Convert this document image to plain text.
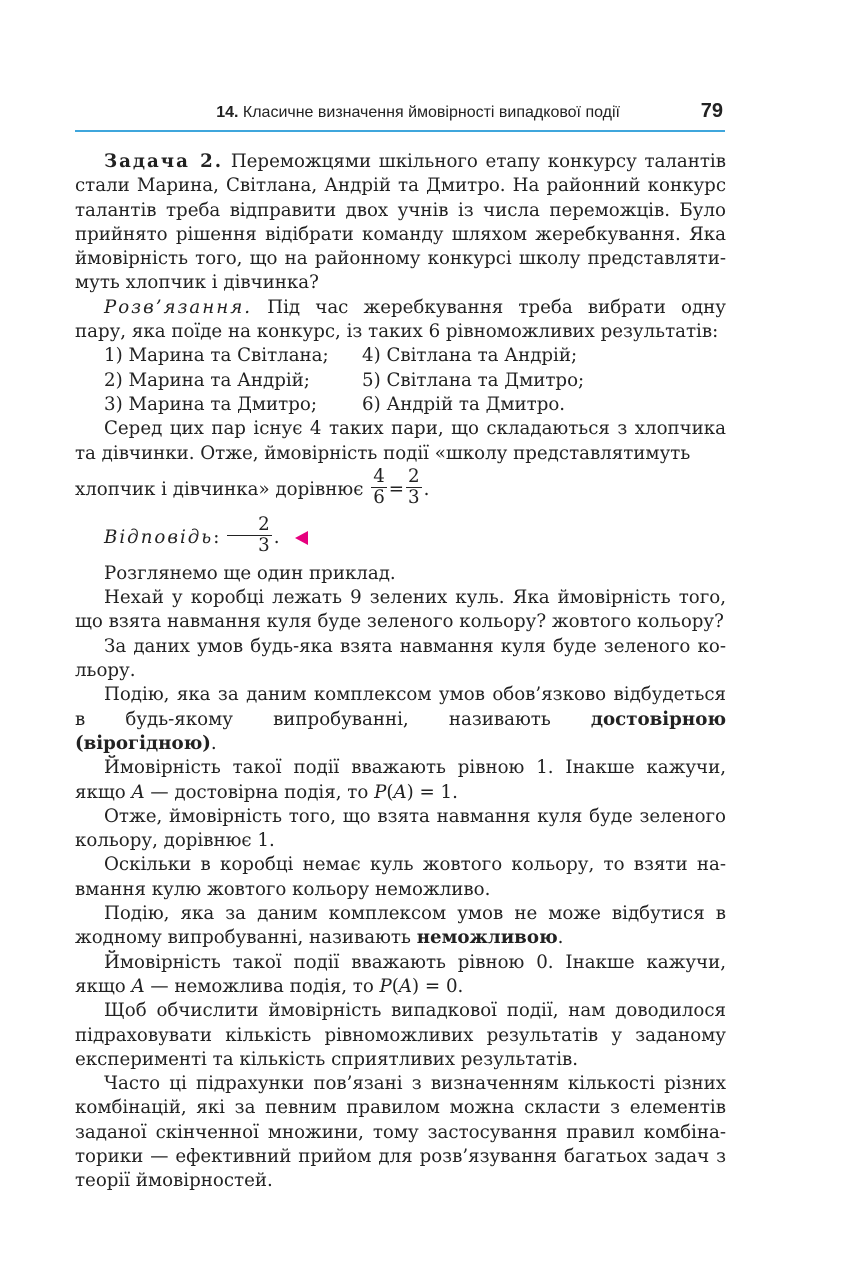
14. Класичне визначення ймовірності випадкової події	79

Задача 2. Переможцями шкільного етапу конкурсу талантів стали Марина, Світлана, Андрій та Дмитро. На районний конкурс талантів треба відправити двох учнів із числа переможців. Було прийнято рішення відібрати команду шляхом жеребкування. Яка ймовірність того, що на районному конкурсі школу представлятимуть хлопчик і дівчинка?

Розв’язання. Під час жеребкування треба вибрати одну пару, яка поїде на конкурс, із таких 6 рівноможливих результатів:

1) Марина та Світлана;	4) Світлана та Андрій;
2) Марина та Андрій;	5) Світлана та Дмитро;
3) Марина та Дмитро;	6) Андрій та Дмитро.

Серед цих пар існує 4 таких пари, що складаються з хлопчика та дівчинки. Отже, ймовірність події «школу представлятимуть

хлопчик і дівчинка» дорівнює $\frac{4}{6} = \frac{2}{3}$ .

Відповідь: $\frac{2}{3}$ .

Розглянемо ще один приклад.

Нехай у коробці лежать 9 зелених куль. Яка ймовірність того, що взята навмання куля буде зеленого кольору? жовтого кольору?

За даних умов будь-яка взята навмання куля буде зеленого кольору.

Подію, яка за даним комплексом умов обов’язково відбудеться в будь-якому випробуванні, називають достовірною (вірогідною).

Ймовірність такої події вважають рівною 1. Інакше кажучи, якщо A — достовірна подія, то P(A) = 1.

Отже, ймовірність того, що взята навмання куля буде зеленого кольору, дорівнює 1.

Оскільки в коробці немає куль жовтого кольору, то взяти навмання кулю жовтого кольору неможливо.

Подію, яка за даним комплексом умов не може відбутися в жодному випробуванні, називають неможливою.

Ймовірність такої події вважають рівною 0. Інакше кажучи, якщо A — неможлива подія, то P(A) = 0.

Щоб обчислити ймовірність випадкової події, нам доводилося підраховувати кількість рівноможливих результатів у заданому експерименті та кількість сприятливих результатів.

Часто ці підрахунки пов’язані з визначенням кількості різних комбінацій, які за певним правилом можна скласти з елементів заданої скінченної множини, тому застосування правил комбінаторики — ефективний прийом для розв’язування багатьох задач з теорії ймовірностей.
